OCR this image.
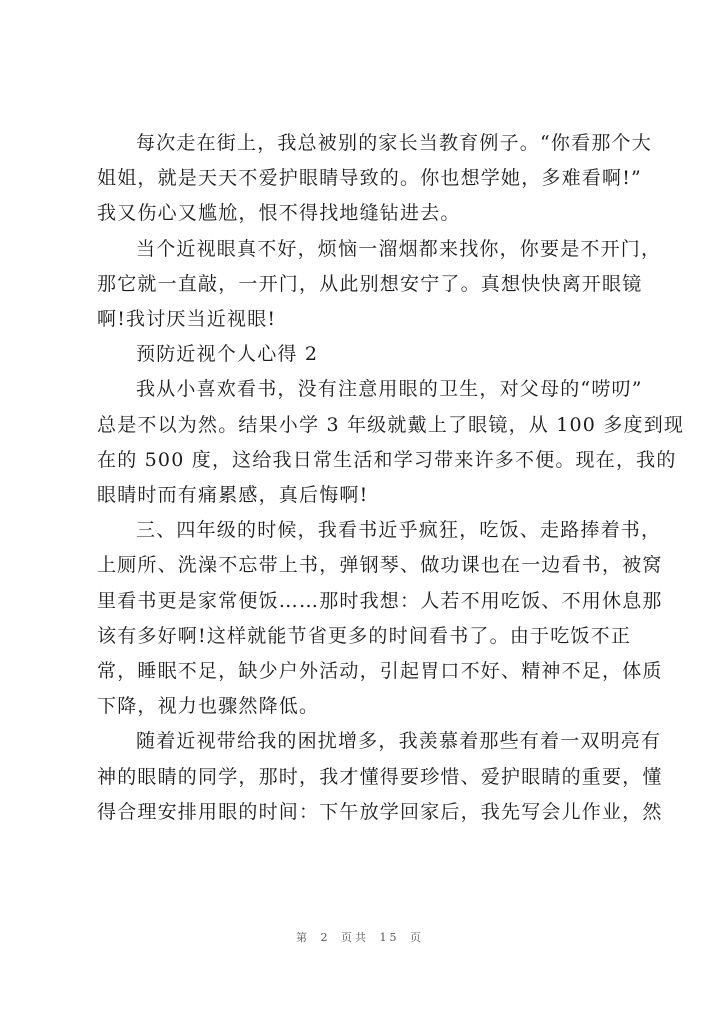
每次走在街上，我总被别的家长当教育例子。“你看那个大
姐姐，就是天天不爱护眼睛导致的。你也想学她，多难看啊!”
我又伤心又尴尬，恨不得找地缝钻进去。

当个近视眼真不好，烦恼一溜烟都来找你，你要是不开门，
那它就一直敲，一开门，从此别想安宁了。真想快快离开眼镜
啊!我讨厌当近视眼!

预防近视个人心得 2

我从小喜欢看书，没有注意用眼的卫生，对父母的“唠叨”
总是不以为然。结果小学 3 年级就戴上了眼镜，从 100 多度到现
在的 500 度，这给我日常生活和学习带来许多不便。现在，我的
眼睛时而有痛累感，真后悔啊!

三、四年级的时候，我看书近乎疯狂，吃饭、走路捧着书，
上厕所、洗澡不忘带上书，弹钢琴、做功课也在一边看书，被窝
里看书更是家常便饭……那时我想：人若不用吃饭、不用休息那
该有多好啊!这样就能节省更多的时间看书了。由于吃饭不正
常，睡眠不足，缺少户外活动，引起胃口不好、精神不足，体质
下降，视力也骤然降低。

随着近视带给我的困扰增多，我羡慕着那些有着一双明亮有
神的眼睛的同学，那时，我才懂得要珍惜、爱护眼睛的重要，懂
得合理安排用眼的时间：下午放学回家后，我先写会儿作业，然

第 2 页共 15 页
